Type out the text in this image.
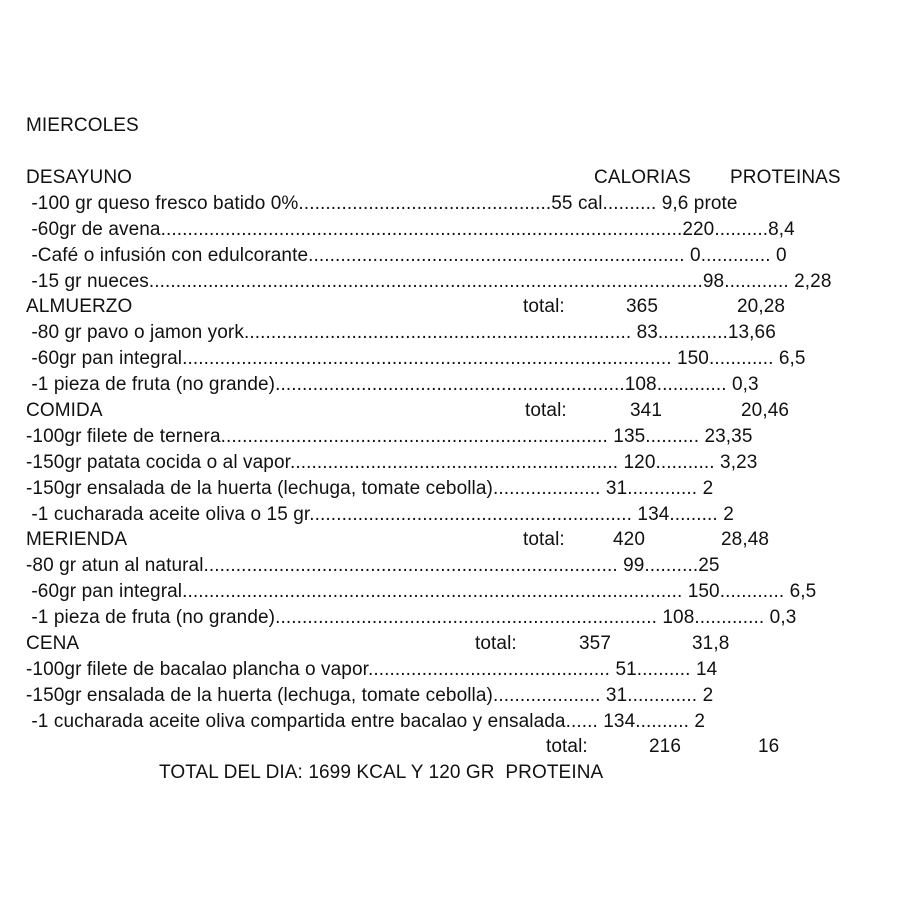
MIERCOLES
DESAYUNO	CALORIAS PROTEINAS
-100 gr queso fresco batido 0%...............................................55 cal.......... 9,6 prote
-60gr de avena.................................................................................................220..........8,4
-Café o infusión con edulcorante...................................................................... 0............. 0
-15 gr nueces.......................................................................................................98............ 2,28
ALMUERZO	total:	365	20,28
-80 gr pavo o jamon york........................................................................ 83.............13,66
-60gr pan integral........................................................................................... 150............ 6,5
-1 pieza de fruta (no grande).................................................................108............. 0,3
COMIDA	total:	341	20,46
-100gr filete de ternera........................................................................ 135.......... 23,35
-150gr patata cocida o al vapor............................................................. 120........... 3,23
-150gr ensalada de la huerta (lechuga, tomate cebolla).................... 31............. 2
-1 cucharada aceite oliva o 15 gr............................................................ 134......... 2
MERIENDA	total:	420	28,48
-80 gr atun al natural............................................................................. 99..........25
-60gr pan integral............................................................................................. 150............ 6,5
-1 pieza de fruta (no grande)....................................................................... 108............. 0,3
CENA	total:	357	31,8
-100gr filete de bacalao plancha o vapor............................................. 51.......... 14
-150gr ensalada de la huerta (lechuga, tomate cebolla).................... 31............. 2
-1 cucharada aceite oliva compartida entre bacalao y ensalada...... 134.......... 2
total:	216	16
TOTAL DEL DIA: 1699 KCAL Y 120 GR  PROTEINA
